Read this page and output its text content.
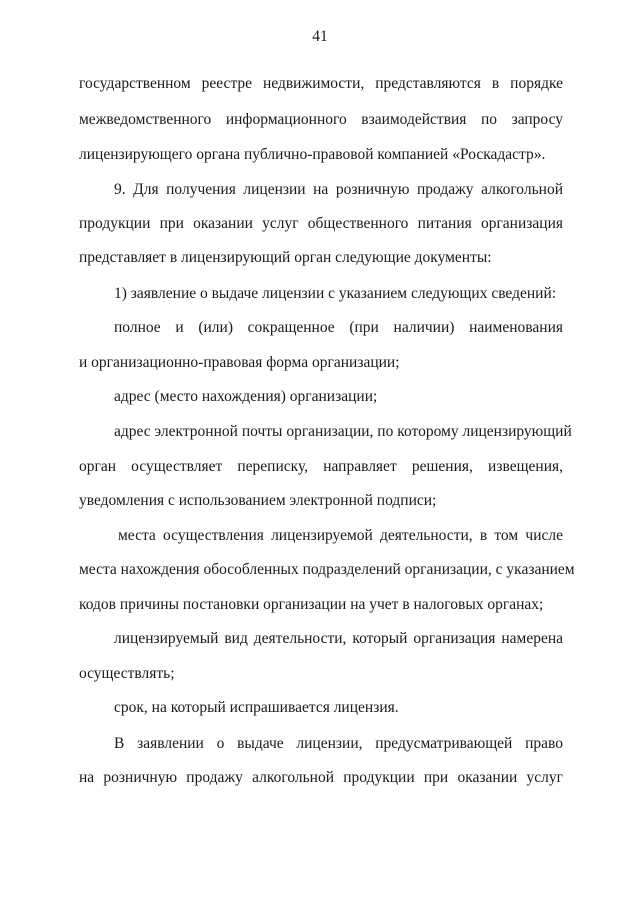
41
государственном реестре недвижимости, представляются в порядке
межведомственного информационного взаимодействия по запросу
лицензирующего органа публично-правовой компанией «Роскадастр».
9. Для получения лицензии на розничную продажу алкогольной
продукции при оказании услуг общественного питания организация
представляет в лицензирующий орган следующие документы:
1) заявление о выдаче лицензии с указанием следующих сведений:
полное и (или) сокращенное (при наличии) наименования
и организационно-правовая форма организации;
адрес (место нахождения) организации;
адрес электронной почты организации, по которому лицензирующий
орган осуществляет переписку, направляет решения, извещения,
уведомления с использованием электронной подписи;
места осуществления лицензируемой деятельности, в том числе
места нахождения обособленных подразделений организации, с указанием
кодов причины постановки организации на учет в налоговых органах;
лицензируемый вид деятельности, который организация намерена
осуществлять;
срок, на который испрашивается лицензия.
В заявлении о выдаче лицензии, предусматривающей право
на розничную продажу алкогольной продукции при оказании услуг
